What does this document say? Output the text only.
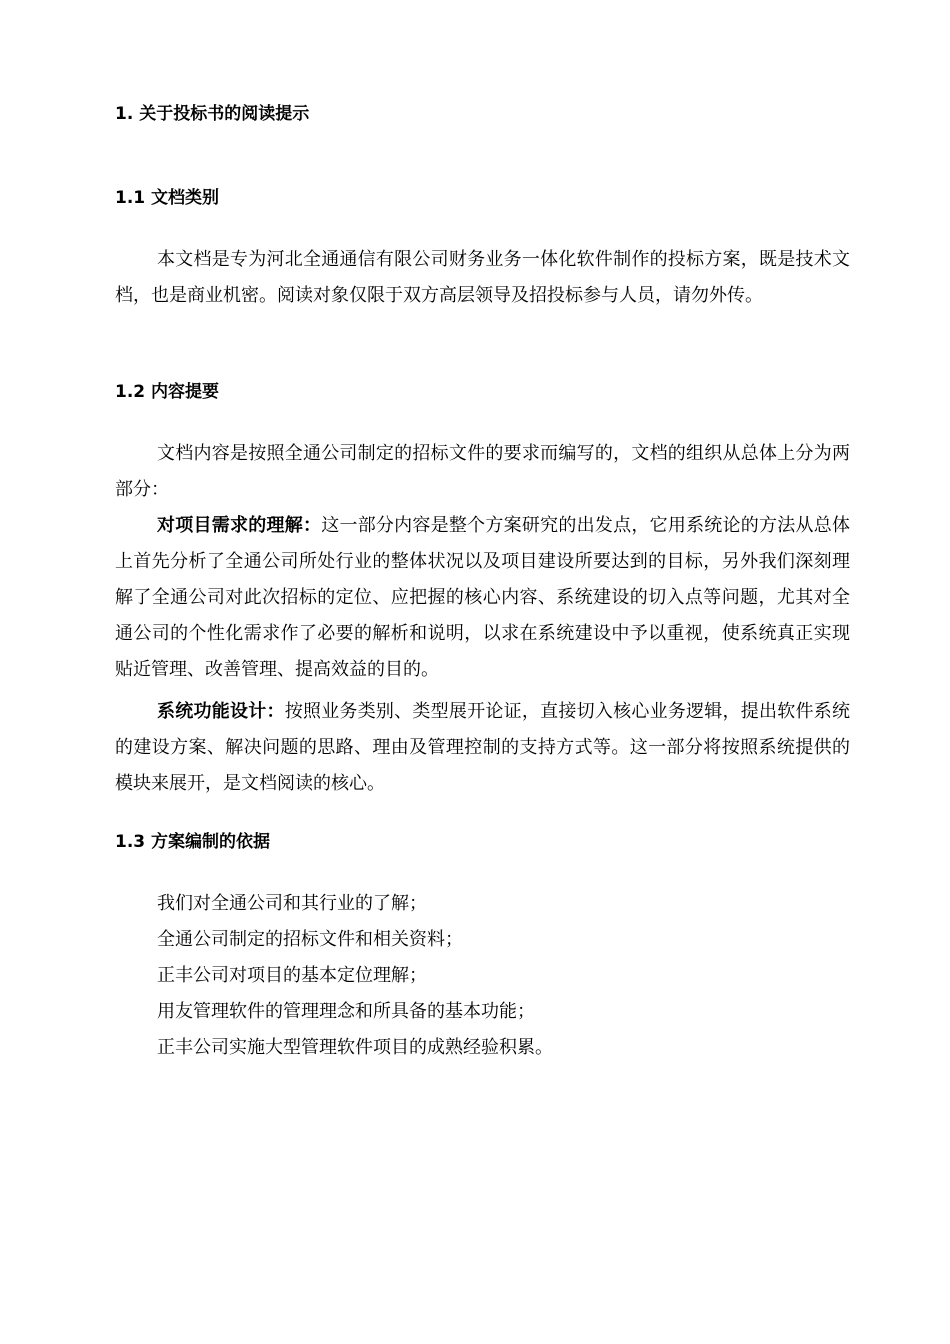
1. 关于投标书的阅读提示
1.1 文档类别

本文档是专为河北全通通信有限公司财务业务一体化软件制作的投标方案，既是技术文档，也是商业机密。阅读对象仅限于双方高层领导及招投标参与人员，请勿外传。

1.2 内容提要

文档内容是按照全通公司制定的招标文件的要求而编写的，文档的组织从总体上分为两部分：

对项目需求的理解：这一部分内容是整个方案研究的出发点，它用系统论的方法从总体上首先分析了全通公司所处行业的整体状况以及项目建设所要达到的目标，另外我们深刻理解了全通公司对此次招标的定位、应把握的核心内容、系统建设的切入点等问题，尤其对全通公司的个性化需求作了必要的解析和说明，以求在系统建设中予以重视，使系统真正实现贴近管理、改善管理、提高效益的目的。

系统功能设计：按照业务类别、类型展开论证，直接切入核心业务逻辑，提出软件系统的建设方案、解决问题的思路、理由及管理控制的支持方式等。这一部分将按照系统提供的模块来展开，是文档阅读的核心。

1.3 方案编制的依据
我们对全通公司和其行业的了解；
全通公司制定的招标文件和相关资料；
正丰公司对项目的基本定位理解；
用友管理软件的管理理念和所具备的基本功能；
正丰公司实施大型管理软件项目的成熟经验积累。
